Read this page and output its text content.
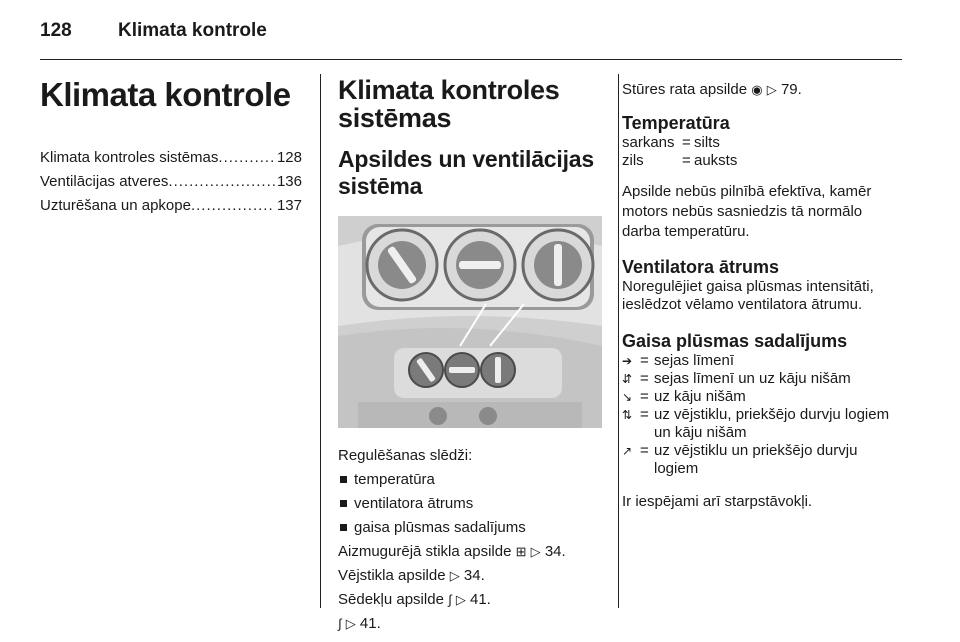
128 Klimata kontrole
Klimata kontrole
Klimata kontroles sistēmas .....	128
Ventilācijas atveres .....	136
Uzturēšana un apkope .....	137
Klimata kontroles sistēmas
Apsildes un ventilācijas sistēma

Regulēšanas slēdži:

temperatūra
ventilatora ātrums
gaisa plūsmas sadalījums

Aizmugurējā stikla apsilde ⊞ ▷ 34.

Vējstikla apsilde ▷ 34.

Sēdekļu apsilde ∫ ▷ 41.

∫ ▷ 41.

Stūres rata apsilde ◉ ▷ 79.

Temperatūra
sarkans = silts
zils	= auksts

Apsilde nebūs pilnībā efektīva, kamēr motors nebūs sasniedzis tā normālo darba temperatūru.

Ventilatora ātrums

Noregulējiet gaisa plūsmas intensitāti, ieslēdzot vēlamo ventilatora ātrumu.

Gaisa plūsmas sadalījums
➔ = sejas līmenī
⇵ = sejas līmenī un uz kāju nišām
↘ = uz kāju nišām
⇅ = uz vējstiklu, priekšējo durvju logiem un kāju nišām
↗ = uz vējstiklu un priekšējo durvju logiem

Ir iespējami arī starpstāvokļi.
